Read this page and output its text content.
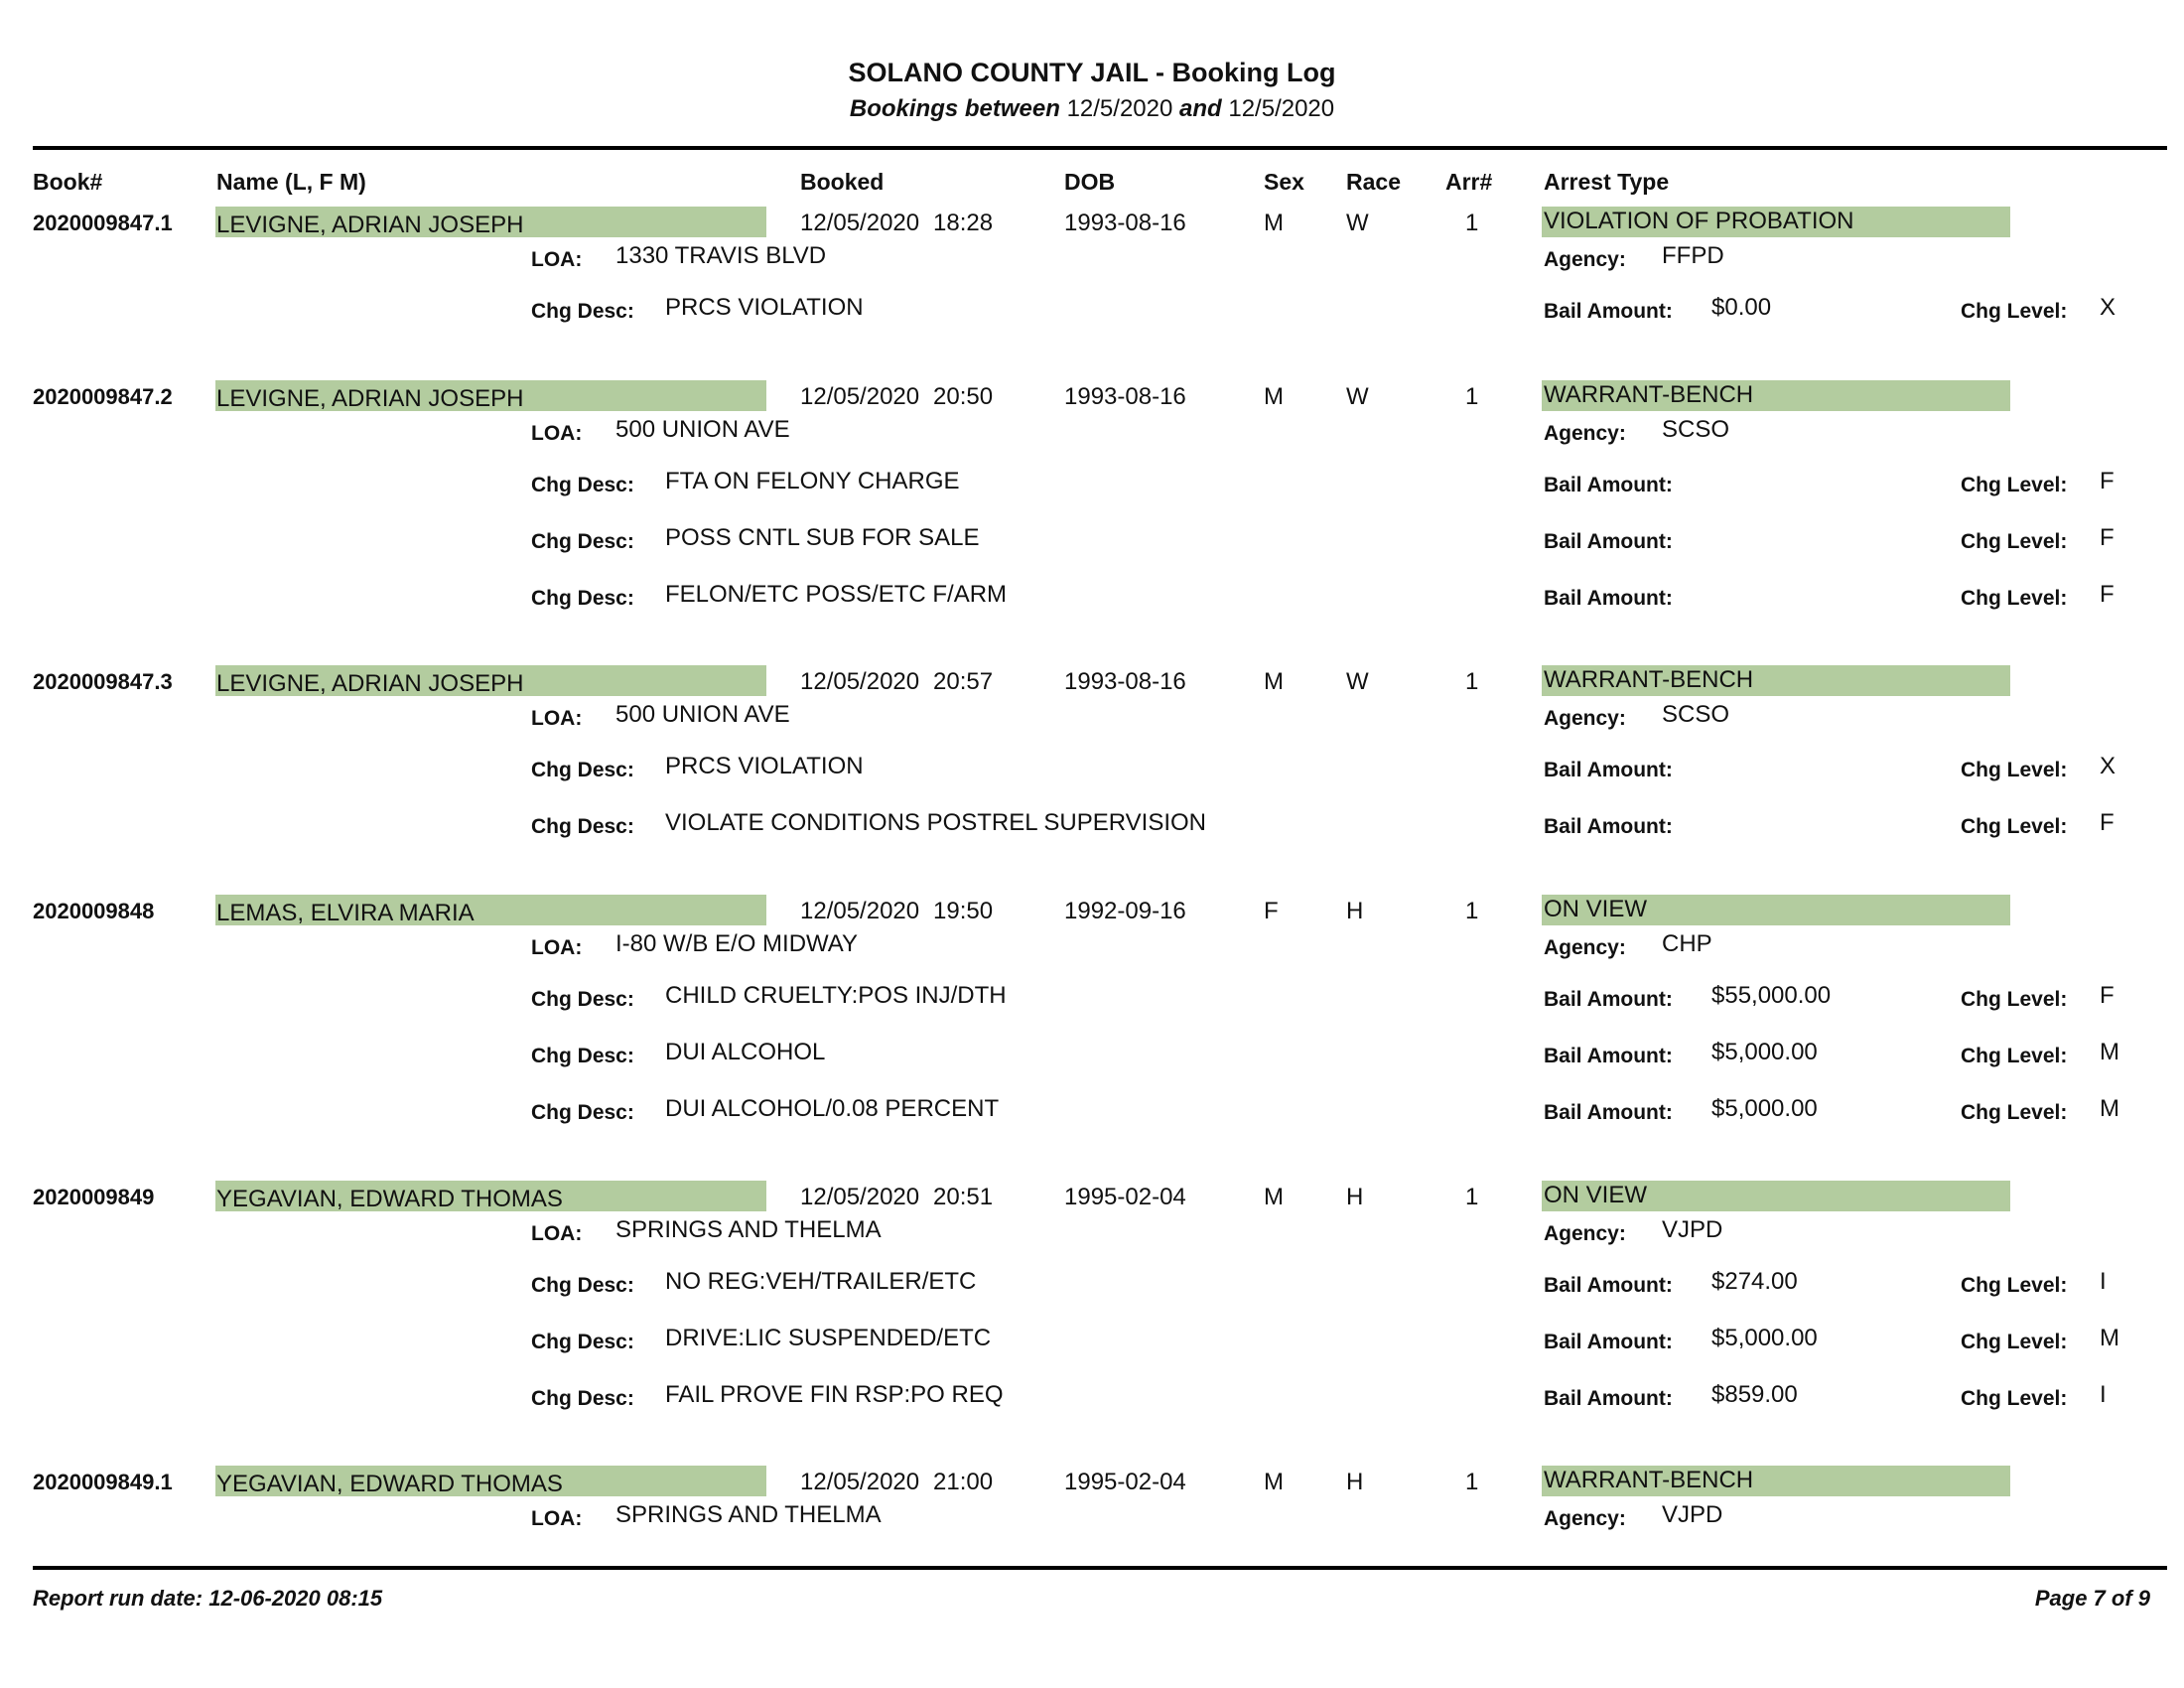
SOLANO COUNTY JAIL - Booking Log
Bookings between 12/5/2020 and 12/5/2020
Book#	Name (L, F M)	Booked	DOB	Sex Race Arr# Arrest Type
2020009847.1 LEVIGNE, ADRIAN JOSEPH	12/05/2020 18:28	1993-08-16	M	W	1	VIOLATION OF PROBATION
LOA: 1330 TRAVIS BLVD	Agency: FFPD
Chg Desc: PRCS VIOLATION	Bail Amount: $0.00	Chg Level: X
2020009847.2 LEVIGNE, ADRIAN JOSEPH	12/05/2020 20:50	1993-08-16	M	W	1	WARRANT-BENCH
LOA: 500 UNION AVE	Agency: SCSO
Chg Desc: FTA ON FELONY CHARGE	Bail Amount:	Chg Level: F
Chg Desc: POSS CNTL SUB FOR SALE	Bail Amount:	Chg Level: F
Chg Desc: FELON/ETC POSS/ETC F/ARM	Bail Amount:	Chg Level: F
2020009847.3 LEVIGNE, ADRIAN JOSEPH	12/05/2020 20:57	1993-08-16	M	W	1	WARRANT-BENCH
LOA: 500 UNION AVE	Agency: SCSO
Chg Desc: PRCS VIOLATION	Bail Amount:	Chg Level: X
Chg Desc: VIOLATE CONDITIONS POSTREL SUPERVISION	Bail Amount:	Chg Level: F
2020009848	LEMAS, ELVIRA MARIA	12/05/2020 19:50	1992-09-16	F	H	1	ON VIEW
LOA: I-80 W/B E/O MIDWAY	Agency: CHP
Chg Desc: CHILD CRUELTY:POS INJ/DTH	Bail Amount: $55,000.00	Chg Level: F
Chg Desc: DUI ALCOHOL	Bail Amount: $5,000.00	Chg Level: M
Chg Desc: DUI ALCOHOL/0.08 PERCENT	Bail Amount: $5,000.00	Chg Level: M
2020009849	YEGAVIAN, EDWARD THOMAS	12/05/2020 20:51	1995-02-04	M	H	1	ON VIEW
LOA: SPRINGS AND THELMA	Agency: VJPD
Chg Desc: NO REG:VEH/TRAILER/ETC	Bail Amount: $274.00	Chg Level: I
Chg Desc: DRIVE:LIC SUSPENDED/ETC	Bail Amount: $5,000.00	Chg Level: M
Chg Desc: FAIL PROVE FIN RSP:PO REQ	Bail Amount: $859.00	Chg Level: I
2020009849.1 YEGAVIAN, EDWARD THOMAS	12/05/2020 21:00	1995-02-04	M	H	1	WARRANT-BENCH
LOA: SPRINGS AND THELMA	Agency: VJPD
Report run date: 12-06-2020 08:15	Page 7 of 9
